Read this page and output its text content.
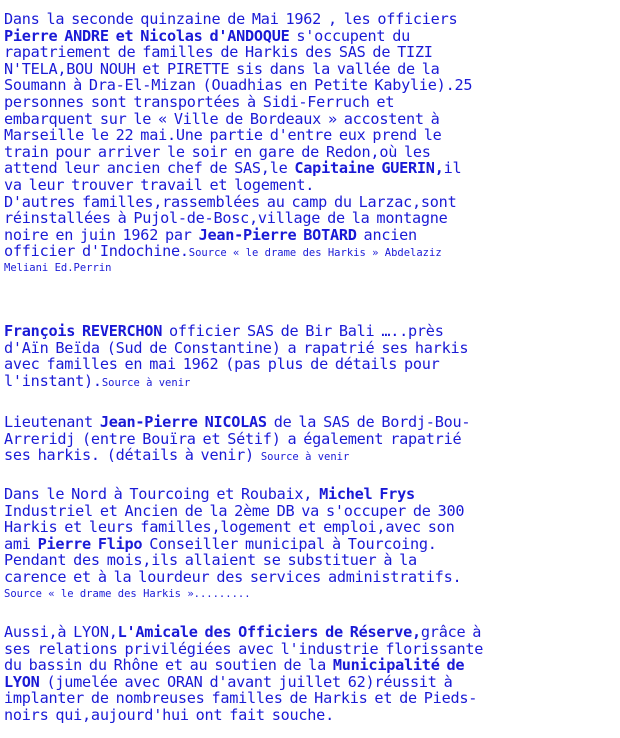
Dans la seconde quinzaine de Mai 1962 , les officiers
Pierre ANDRE et Nicolas d'ANDOQUE s'occupent du
rapatriement de familles de Harkis des SAS de TIZI
N'TELA,BOU NOUH et PIRETTE sis dans la vallée de la
Soumann à Dra-El-Mizan (Ouadhias en Petite Kabylie).25
personnes sont transportées à Sidi-Ferruch et
embarquent sur le « Ville de Bordeaux » accostent à
Marseille le 22 mai.Une partie d'entre eux prend le
train pour arriver le soir en gare de Redon,où les
attend leur ancien chef de SAS,le Capitaine GUERIN,il
va leur trouver travail et logement.
D'autres familles,rassemblées au camp du Larzac,sont
réinstallées à Pujol-de-Bosc,village de la montagne
noire en juin 1962 par Jean-Pierre BOTARD ancien
officier d'Indochine.Source « le drame des Harkis » Abdelaziz
Meliani Ed.Perrin
François REVERCHON officier SAS de Bir Bali …..près
d'Aïn Beïda (Sud de Constantine) a rapatrié ses harkis
avec familles en mai 1962 (pas plus de détails pour
l'instant).Source à venir
Lieutenant Jean-Pierre NICOLAS de la SAS de Bordj-Bou-
Arreridj (entre Bouïra et Sétif) a également rapatrié
ses harkis. (détails à venir) Source à venir
Dans le Nord à Tourcoing et Roubaix, Michel Frys
Industriel et Ancien de la 2ème DB va s'occuper de 300
Harkis et leurs familles,logement et emploi,avec son
ami Pierre Flipo Conseiller municipal à Tourcoing.
Pendant des mois,ils allaient se substituer à la
carence et à la lourdeur des services administratifs.
Source « le drame des Harkis ».........
Aussi,à LYON,L'Amicale des Officiers de Réserve,grâce à
ses relations privilégiées avec l'industrie florissante
du bassin du Rhône et au soutien de la Municipalité de
LYON (jumelée avec ORAN d'avant juillet 62)réussit à
implanter de nombreuses familles de Harkis et de Pieds-
noirs qui,aujourd'hui ont fait souche.
